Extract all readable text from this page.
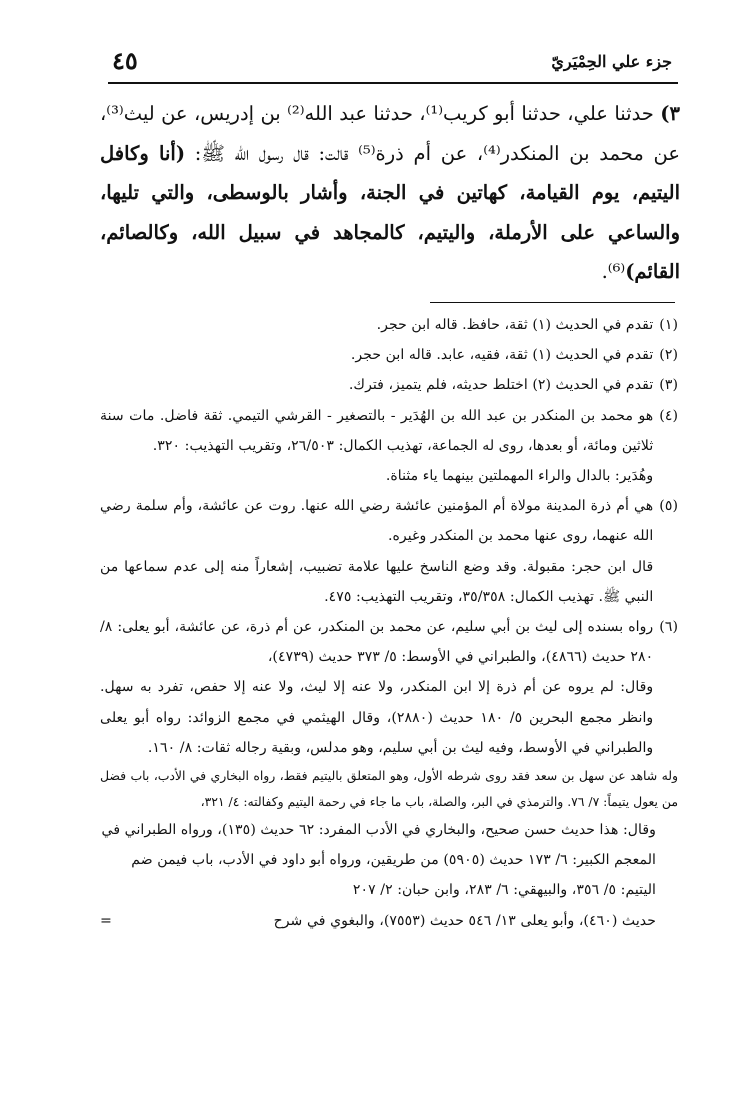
جزء علي الحِمْيَريّ
٤٥
٣) حدثنا علي، حدثنا أبو كريب⁽¹⁾، حدثنا عبد الله⁽²⁾ بن إدريس، عن ليث⁽³⁾، عن محمد بن المنكدر⁽⁴⁾، عن أم ذرة⁽⁵⁾ قالت: قال رسول الله ﷺ: (أنا وكافل اليتيم، يوم القيامة، كهاتين في الجنة، وأشار بالوسطى، والتي تليها، والساعي على الأرملة، واليتيم، كالمجاهد في سبيل الله، وكالصائم، القائم)⁽⁶⁾.
(١)

تقدم في الحديث (١) ثقة، حافظ. قاله ابن حجر.

(٢)

تقدم في الحديث (١) ثقة، فقيه، عابد. قاله ابن حجر.

(٣)

تقدم في الحديث (٢) اختلط حديثه، فلم يتميز، فترك.

(٤)

هو محمد بن المنكدر بن عبد الله بن الهُدَير - بالتصغير - القرشي التيمي. ثقة فاضل. مات سنة ثلاثين ومائة، أو بعدها، روى له الجماعة، تهذيب الكمال: ٢٦/٥٠٣، وتقريب التهذيب: ٣٢٠.

وهُدَير: بالدال والراء المهملتين بينهما ياء مثناة.

(٥)

هي أم ذرة المدينة مولاة أم المؤمنين عائشة رضي الله عنها. روت عن عائشة، وأم سلمة رضي الله عنهما، روى عنها محمد بن المنكدر وغيره.

قال ابن حجر: مقبولة. وقد وضع الناسخ عليها علامة تضبيب، إشعاراً منه إلى عدم سماعها من النبي ﷺ. تهذيب الكمال: ٣٥/٣٥٨، وتقريب التهذيب: ٤٧٥.

(٦)

رواه بسنده إلى ليث بن أبي سليم، عن محمد بن المنكدر، عن أم ذرة، عن عائشة، أبو يعلى: ٨/ ٢٨٠ حديث (٤٨٦٦)، والطبراني في الأوسط: ٥/ ٣٧٣ حديث (٤٧٣٩)،

وقال: لم يروه عن أم ذرة إلا ابن المنكدر، ولا عنه إلا ليث، ولا عنه إلا حفص، تفرد به سهل. وانظر مجمع البحرين ٥/ ١٨٠ حديث (٢٨٨٠)، وقال الهيثمي في مجمع الزوائد: رواه أبو يعلى والطبراني في الأوسط، وفيه ليث بن أبي سليم، وهو مدلس، وبقية رجاله ثقات: ٨/ ١٦٠.

وله شاهد عن سهل بن سعد فقد روى شرطه الأول، وهو المتعلق باليتيم فقط، رواه البخاري في الأدب، باب فضل من يعول يتيماً: ٧/ ٧٦. والترمذي في البر، والصلة، باب ما جاء في رحمة اليتيم وكفالته: ٤/ ٣٢١،

وقال: هذا حديث حسن صحيح، والبخاري في الأدب المفرد: ٦٢ حديث (١٣٥)، ورواه الطبراني في المعجم الكبير: ٦/ ١٧٣ حديث (٥٩٠٥) من طريقين، ورواه أبو داود في الأدب، باب فيمن ضم اليتيم: ٥/ ٣٥٦، والبيهقي: ٦/ ٢٨٣، وابن حبان: ٢/ ٢٠٧

حديث (٤٦٠)، وأبو يعلى ١٣/ ٥٤٦ حديث (٧٥٥٣)، والبغوي في شرح
=
